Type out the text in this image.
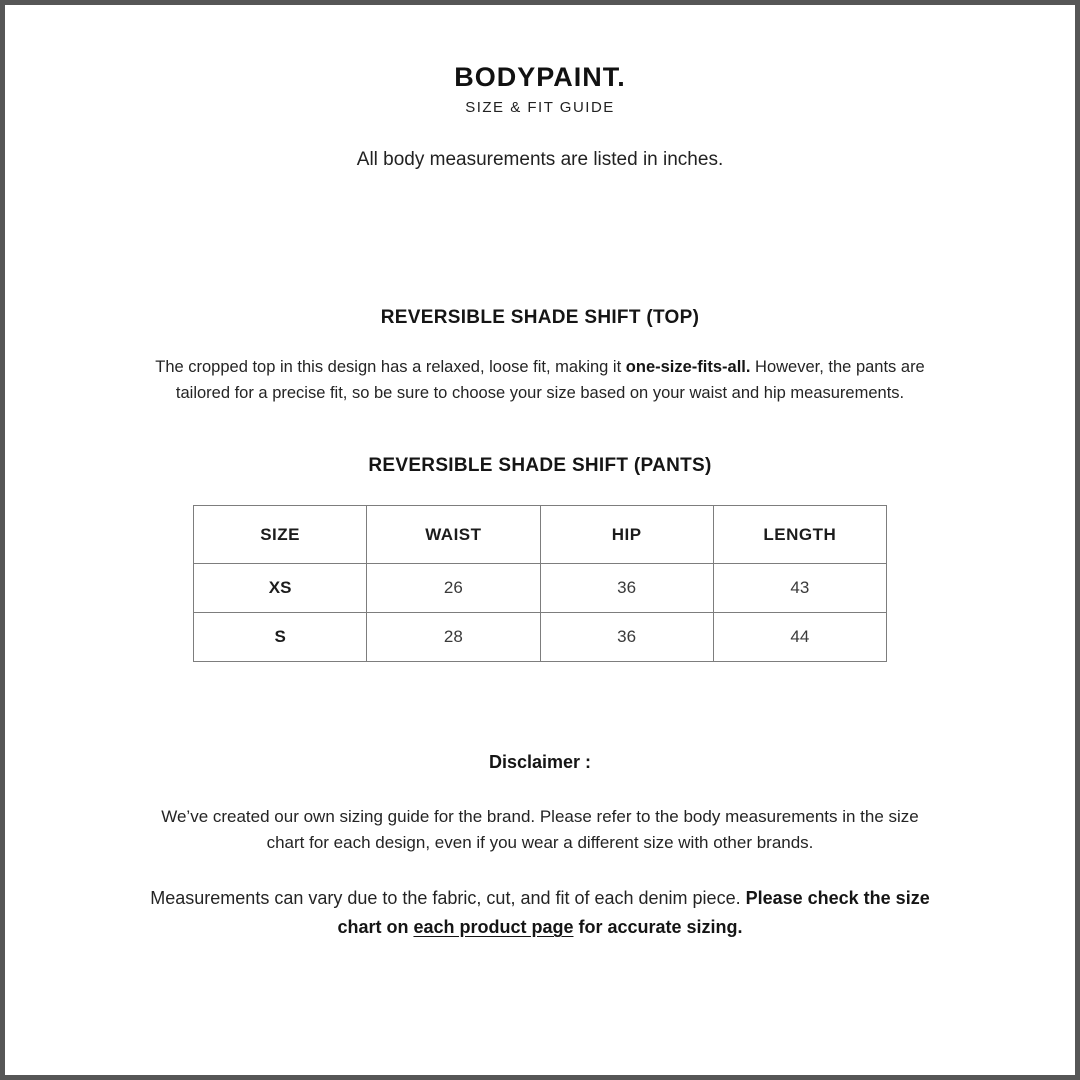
BODYPAINT.
SIZE & FIT GUIDE
All body measurements are listed in inches.
REVERSIBLE SHADE SHIFT (TOP)

The cropped top in this design has a relaxed, loose fit, making it one-size-fits-all. However, the pants are tailored for a precise fit, so be sure to choose your size based on your waist and hip measurements.

REVERSIBLE SHADE SHIFT (PANTS)
SIZE	WAIST	HIP	LENGTH
XS	26	36	43
S	28	36	44
Disclaimer :

We’ve created our own sizing guide for the brand. Please refer to the body measurements in the size chart for each design, even if you wear a different size with other brands.

Measurements can vary due to the fabric, cut, and fit of each denim piece. Please check the size chart on each product page for accurate sizing.
